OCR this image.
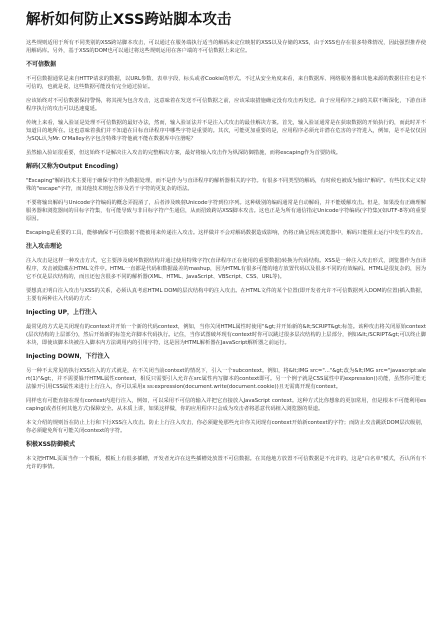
解析如何防止XSS跨站脚本攻击

这些规则适用于所有不同类别的XSS跨站脚本攻击，可以通过在服务端执行适当的解码来定位映射的XSS以及存储的XSS，由于XSS也存在很多特殊情况，因此强烈推荐使用解码库。另外，基于XSS的DOM也可以通过将这些规则运用在客户端的不可信数据上来定位。

不可信数据

不可信数据通常是来自HTTP请求的数据，以URL参数、表单字段、标头或者Cookie的形式。不过从安全角度来看，来自数据库、网络服务器和其他来源的数据往往也是不可信的，也就是说，这些数据可能没有完全通过验证。

应该始终对不可信数据保持警惕，将其视为包含攻击，这意味着在发送不可信数据之前，应该采取措施确定没有攻击再发送。由于应用程序之间的关联不断深化，下游直译程序执行的攻击可以迅速蔓延。

传统上来看，输入验证是处理不可信数据的最好办法，然而，输入验证法并不是注入式攻击的最佳解决方案。首先，输入验证通常是在获取数据的开始执行的，而此时并不知道目的地所在。这也意味着我们并不知道在目标直译程序中哪些字符是重要的。其次，可能更加重要的是，应用程序必须允许潜在危害的字符进入，例如，是不是仅仅因为SQL认为Mr. O'Malley名字包含特殊字符他就不能在数据库中注册呢？

虽然输入验证很重要，但这始终不是解决注入攻击的完整解决方案，最好将输入攻击作为纵深防御措施，而将escaping作为首要防线。

解码(又称为Output Encoding)

"Escaping"解码技术主要用于确保字符作为数据处理，而不是作为与直译程序的解析器相关的字符。有很多不同类型的解码，有时候也被成为输出"解码"。有些技术定义特殊的"escape"字符，而其他技术则包含涉及若干字符的更复杂的语法。

不要将输出解码与Unicode字符编码的概念弄混淆了，后者涉及映射Unicode字符到位序列。这种级别的编码通常是自动解码，并不能缓解攻击。但是，如果没有正确理解服务器和浏览器间的目标字符集，有可能导致与非目标字符产生通信，从而招致跨站XSS脚本攻击。这也正是为所有通信指定Unicode字符编码(字符集)(如UTF-8等)的重要原因。

Escaping是重要的工具，能够确保不可信数据不能被用来传递注入攻击。这样做并不会对解码数据造成影响，仍将正确呈现在浏览器中，解码只能阻止运行中发生的攻击。

注入攻击理论

注入攻击是这样一种攻击方式，它主要涉及破坏数据结构并通过使用特殊字符(直译程序正在使用的重要数据)转换为代码结构。XSS是一种注入攻击形式，浏览器作为直译程序，攻击被隐藏在HTML文件中。HTML一直都是代码和数据最差的mashup，因为HTML有很多可能的地方放置代码以及很多不同的有效编码。HTML是很复杂的，因为它不仅是层次结构的，而且还包含很多不同的解析器(XML、HTML、JavaScript、VBScript、CSS、URL等)。

要想真正明白注入攻击与XSS的关系，必须认真考虑HTML DOM的层次结构中的注入攻击。在HTML文件的某个位置(即开发者允许不可信数据列入DOM的位置)插入数据，主要有两种注入代码的方式：

Injecting UP，上行注入

最常见的方式是关闭现有的context并开始一个新的代码context，例如，当你关闭HTML属性时使用"&gt;并开始新的&lt;SCRIPT&gt;标签。该种攻击将关闭原始context(层次结构的上层部分)，然后开始新的标签允许脚本代码执行。记住，当你试图破坏现有context时你可以跳过很多层次结构的上层部分，例如&lt;/SCRIPT&gt;可以终止脚本块，即使该脚本块被注入脚本内方法调用内的引用字符，这是因为HTML解析器在JavaScript解析器之前运行。

Injecting DOWN，下行注入

另一种不太常见的执行XSS注入的方式就是，在不关闭当前context的情况下，引入一个subcontext。例如，将&lt;IMG src="..."&gt;改为&lt;IMG src="javascript:alert(1)"&gt;，并不需要躲开HTML属性context，相反只需要引入允许在src属性内写脚本的context即可。另一个例子就是CSS属性中的expression()功能，虽然你可能无法躲开引用CSS属性来进行上行注入，你可以采用x ss:expression(document.write(document.cookie))且无需离开现有context。

同样也有可能直接在现有context内进行注入，例如，可以采用不可信的输入并把它直接放入JavaScript context。这种方式比你想象的更加常用，但是根本不可能利用escaping(或者任何其他方式)保障安全。从本质上讲，如果这样做，你的应用程序只会成为攻击者将恶意代码植入浏览器的渠道。

本文介绍的规则旨在防止上行和下行XSS注入攻击。防止上行注入攻击，你必须避免那些允许你关闭现有context开始新context的字符；而防止攻击跳跃DOM层次级别，你必须避免所有可能关闭context的字符。

积极XSS防御模式

本文把HTML页面当作一个模板，模板上有很多插槽，开发者允许在这些插槽处放置不可信数据。在其他地方放置不可信数据是不允许的，这是"白名单"模式，否认所有不允许的事情。
